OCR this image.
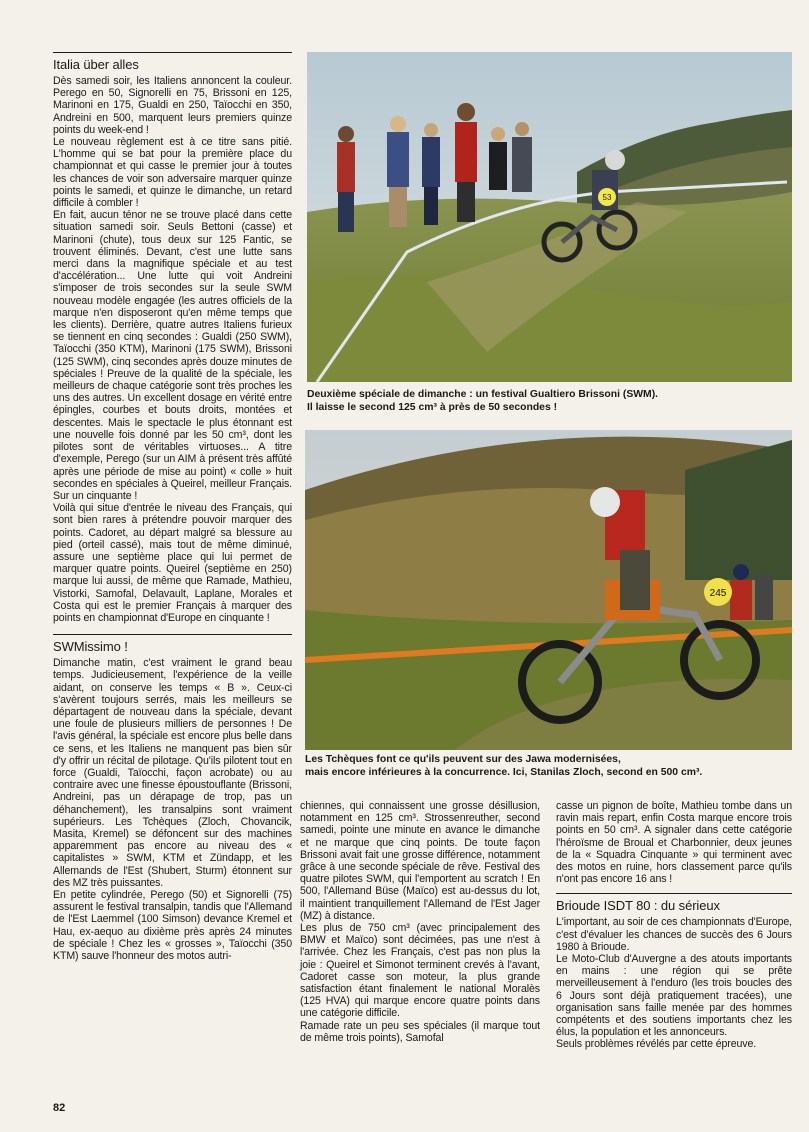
Italia über alles

Dès samedi soir, les Italiens annoncent la couleur. Perego en 50, Signorelli en 75, Brissoni en 125, Marinoni en 175, Gualdi en 250, Taïocchi en 350, Andreini en 500, marquent leurs premiers quinze points du week-end !

Le nouveau règlement est à ce titre sans pitié. L'homme qui se bat pour la première place du championnat et qui casse le premier jour à toutes les chances de voir son adversaire marquer quinze points le samedi, et quinze le dimanche, un retard difficile à combler !

En fait, aucun ténor ne se trouve placé dans cette situation samedi soir. Seuls Bettoni (casse) et Marinoni (chute), tous deux sur 125 Fantic, se trouvent éliminés. Devant, c'est une lutte sans merci dans la magnifique spéciale et au test d'accélération... Une lutte qui voit Andreini s'imposer de trois secondes sur la seule SWM nouveau modèle engagée (les autres officiels de la marque n'en disposeront qu'en même temps que les clients). Derrière, quatre autres Italiens furieux se tiennent en cinq secondes : Gualdi (250 SWM), Taïocchi (350 KTM), Marinoni (175 SWM), Brissoni (125 SWM), cinq secondes après douze minutes de spéciales ! Preuve de la qualité de la spéciale, les meilleurs de chaque catégorie sont très proches les uns des autres. Un excellent dosage en vérité entre épingles, courbes et bouts droits, montées et descentes. Mais le spectacle le plus étonnant est une nouvelle fois donné par les 50 cm³, dont les pilotes sont de véritables virtuoses... A titre d'exemple, Perego (sur un AIM à présent très affûté après une période de mise au point) « colle » huit secondes en spéciales à Queirel, meilleur Français. Sur un cinquante !

Voilà qui situe d'entrée le niveau des Français, qui sont bien rares à prétendre pouvoir marquer des points. Cadoret, au départ malgré sa blessure au pied (orteil cassé), mais tout de même diminué, assure une septième place qui lui permet de marquer quatre points. Queirel (septième en 250) marque lui aussi, de même que Ramade, Mathieu, Vistorki, Samofal, Delavault, Laplane, Morales et Costa qui est le premier Français à marquer des points en championnat d'Europe en cinquante !

SWMissimo !

Dimanche matin, c'est vraiment le grand beau temps. Judicieusement, l'expérience de la veille aidant, on conserve les temps « B ». Ceux-ci s'avèrent toujours serrés, mais les meilleurs se départagent de nouveau dans la spéciale, devant une foule de plusieurs milliers de personnes ! De l'avis général, la spéciale est encore plus belle dans ce sens, et les Italiens ne manquent pas bien sûr d'y offrir un récital de pilotage. Qu'ils pilotent tout en force (Gualdi, Taïocchi, façon acrobate) ou au contraire avec une finesse époustouflante (Brissoni, Andreini, pas un dérapage de trop, pas un déhanchement), les transalpins sont vraiment supérieurs. Les Tchèques (Zloch, Chovancik, Masita, Kremel) se défoncent sur des machines apparemment pas encore au niveau des « capitalistes » SWM, KTM et Zündapp, et les Allemands de l'Est (Shubert, Sturm) étonnent sur des MZ très puissantes.

En petite cylindrée, Perego (50) et Signorelli (75) assurent le festival transalpin, tandis que l'Allemand de l'Est Laemmel (100 Simson) devance Kremel et Hau, ex-aequo au dixième près après 24 minutes de spéciale ! Chez les « grosses », Taïocchi (350 KTM) sauve l'honneur des motos autri-

53
Deuxième spéciale de dimanche : un festival Gualtiero Brissoni (SWM).
Il laisse le second 125 cm³ à près de 50 secondes !
245
Les Tchèques font ce qu'ils peuvent sur des Jawa modernisées,
mais encore inférieures à la concurrence. Ici, Stanilas Zloch, second en 500 cm³.

chiennes, qui connaissent une grosse désillusion, notamment en 125 cm³. Strossenreuther, second samedi, pointe une minute en avance le dimanche et ne marque que cinq points. De toute façon Brissoni avait fait une grosse différence, notamment grâce à une seconde spéciale de rêve. Festival des quatre pilotes SWM, qui l'emportent au scratch ! En 500, l'Allemand Büse (Maïco) est au-dessus du lot, il maintient tranquillement l'Allemand de l'Est Jager (MZ) à distance.

Les plus de 750 cm³ (avec principalement des BMW et Maïco) sont décimées, pas une n'est à l'arrivée. Chez les Français, c'est pas non plus la joie : Queirel et Simonot terminent crevés à l'avant, Cadoret casse son moteur, la plus grande satisfaction étant finalement le national Moralès (125 HVA) qui marque encore quatre points dans une catégorie difficile.

Ramade rate un peu ses spéciales (il marque tout de même trois points), Samofal

casse un pignon de boîte, Mathieu tombe dans un ravin mais repart, enfin Costa marque encore trois points en 50 cm³. A signaler dans cette catégorie l'héroïsme de Broual et Charbonnier, deux jeunes de la « Squadra Cinquante » qui terminent avec des motos en ruine, hors classement parce qu'ils n'ont pas encore 16 ans !

Brioude ISDT 80 : du sérieux

L'important, au soir de ces championnats d'Europe, c'est d'évaluer les chances de succès des 6 Jours 1980 à Brioude.

Le Moto-Club d'Auvergne a des atouts importants en mains : une région qui se prête merveilleusement à l'enduro (les trois boucles des 6 Jours sont déjà pratiquement tracées), une organisation sans faille menée par des hommes compétents et des soutiens importants chez les élus, la population et les annonceurs.

Seuls problèmes révélés par cette épreuve.

82
